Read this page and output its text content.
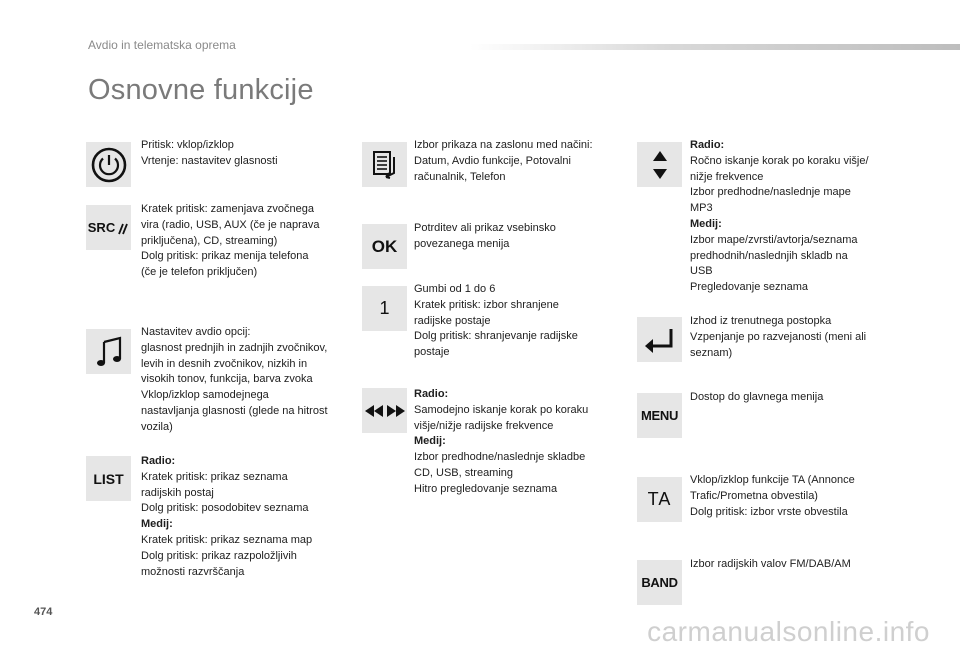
Avdio in telematska oprema
Osnovne funkcije
Pritisk: vklop/izklop
Vrtenje: nastavitev glasnosti
SRC
Kratek pritisk: zamenjava zvočnega
vira (radio, USB, AUX (če je naprava
priključena), CD, streaming)
Dolg pritisk: prikaz menija telefona
(če je telefon priključen)
Nastavitev avdio opcij:
glasnost prednjih in zadnjih zvočnikov,
levih in desnih zvočnikov, nizkih in
visokih tonov, funkcija, barva zvoka
Vklop/izklop samodejnega
nastavljanja glasnosti (glede na hitrost
vozila)
LIST
Radio:
Kratek pritisk: prikaz seznama
radijskih postaj
Dolg pritisk: posodobitev seznama
Medij:
Kratek pritisk: prikaz seznama map
Dolg pritisk: prikaz razpoložljivih
možnosti razvrščanja
Izbor prikaza na zaslonu med načini:
Datum, Avdio funkcije, Potovalni
računalnik, Telefon
OK
Potrditev ali prikaz vsebinsko
povezanega menija
1
Gumbi od 1 do 6
Kratek pritisk: izbor shranjene
radijske postaje
Dolg pritisk: shranjevanje radijske
postaje
Radio:
Samodejno iskanje korak po koraku
višje/nižje radijske frekvence
Medij:
Izbor predhodne/naslednje skladbe
CD, USB, streaming
Hitro pregledovanje seznama
Radio:
Ročno iskanje korak po koraku višje/
nižje frekvence
Izbor predhodne/naslednje mape
MP3
Medij:
Izbor mape/zvrsti/avtorja/seznama
predhodnih/naslednjih skladb na
USB
Pregledovanje seznama
Izhod iz trenutnega postopka
Vzpenjanje po razvejanosti (meni ali
seznam)
MENU
Dostop do glavnega menija
TA
Vklop/izklop funkcije TA (Annonce
Trafic/Prometna obvestila)
Dolg pritisk: izbor vrste obvestila
BAND
Izbor radijskih valov FM/DAB/AM
474
carmanualsonline.info
